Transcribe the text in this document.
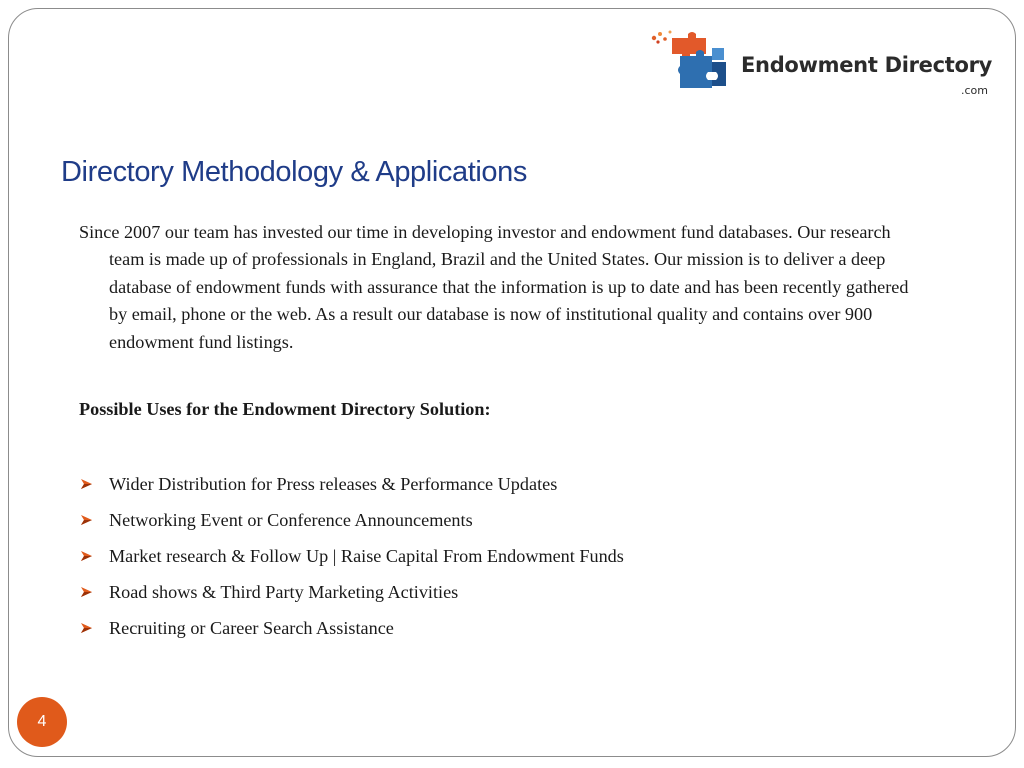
Endowment Directory
.com
Directory Methodology & Applications

Since 2007 our team has invested our time in developing investor and endowment fund databases. Our research team is made up of professionals in England, Brazil and the United States. Our mission is to deliver a deep database of endowment funds with assurance that the information is up to date and has been recently gathered by email, phone or the web. As a result our database is now of institutional quality and contains over 900 endowment fund listings.

Possible Uses for the Endowment Directory Solution:

Wider Distribution for Press releases & Performance Updates
Networking Event or Conference Announcements
Market research & Follow Up | Raise Capital From Endowment Funds
Road shows & Third Party Marketing Activities
Recruiting or Career Search Assistance
4
